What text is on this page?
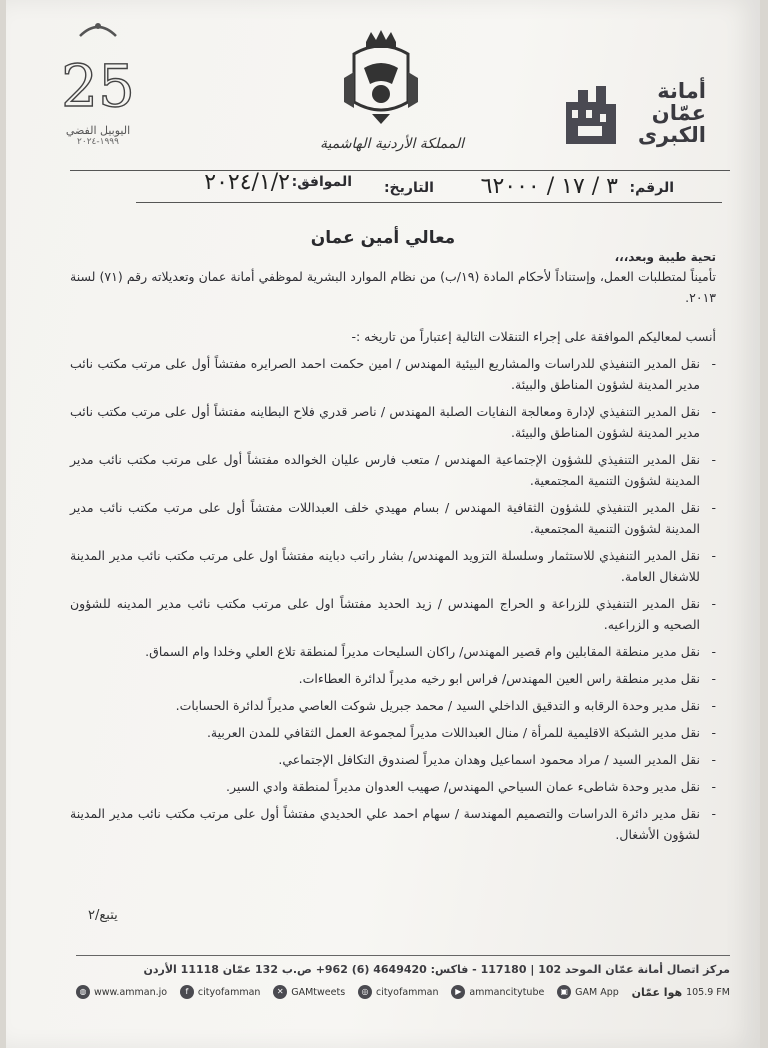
25
اليوبيل الفضي
١٩٩٩-٢٠٢٤	المملكة الأردنية الهاشمية
أمانة
عمّان
الكبرى
الرقم:
٣ / ١٧ / ٦٢٠٠٠
التاريخ:
الموافق:
٢٠٢٤/١/٢
معالي أمين عمان
تحية طيبة وبعد،،،

تأميناً لمتطلبات العمل، وإستناداً لأحكام المادة (١٩/ب) من نظام الموارد البشرية لموظفي أمانة عمان وتعديلاته رقم (٧١) لسنة ٢٠١٣.

أنسب لمعاليكم الموافقة على إجراء التنقلات التالية إعتباراً من تاريخه :-

- نقل المدير التنفيذي للدراسات والمشاريع البيئية المهندس / امين حكمت احمد الصرايره مفتشاً أول على مرتب مكتب نائب مدير المدينة لشؤون المناطق والبيئة.
- نقل المدير التنفيذي لإدارة ومعالجة النفايات الصلبة المهندس / ناصر قدري فلاح البطاينه مفتشاً أول على مرتب مكتب نائب مدير المدينة لشؤون المناطق والبيئة.
- نقل المدير التنفيذي للشؤون الإجتماعية المهندس / متعب فارس عليان الخوالده مفتشاً أول على مرتب مكتب نائب مدير المدينة لشؤون التنمية المجتمعية.
- نقل المدير التنفيذي للشؤون الثقافية المهندس / بسام مهيدي خلف العبداللات مفتشاً أول على مرتب مكتب نائب مدير المدينة لشؤون التنمية المجتمعية.
- نقل المدير التنفيذي للاستثمار وسلسلة التزويد المهندس/ بشار راتب دباينه مفتشاً اول على مرتب مكتب نائب مدير المدينة للاشغال العامة.
- نقل المدير التنفيذي للزراعة و الحراج المهندس / زيد الحديد مفتشاً اول على مرتب مكتب نائب مدير المدينه للشؤون الصحيه و الزراعيه.
- نقل مدير منطقة المقابلين وام قصير المهندس/ راكان السليحات مديراً لمنطقة تلاع العلي وخلدا وام السماق.
- نقل مدير منطقة راس العين المهندس/ فراس ابو رخيه مديراً لدائرة العطاءات.
- نقل مدير وحدة الرقابه و التدقيق الداخلي السيد / محمد جبريل شوكت العاصي مديراً لدائرة الحسابات.
- نقل مدير الشبكة الاقليمية للمرأة / منال العبداللات مديراً لمجموعة العمل الثقافي للمدن العربية.
- نقل المدير السيد / مراد محمود اسماعيل وهدان مديراً لصندوق التكافل الإجتماعي.
- نقل مدير وحدة شاطىء عمان السياحي المهندس/ صهيب العدوان مديراً لمنطقة وادي السير.
- نقل مدير دائرة الدراسات والتصميم المهندسة / سهام احمد علي الحديدي مفتشاً أول على مرتب مكتب نائب مدير المدينة لشؤون الأشغال.
يتبع/٢
مركز اتصال أمانة عمّان الموحد 102 | 117180 - فاكس: 4649420 (6) 962+ ص.ب 132 عمّان 11118 الأردن
هوا عمّان 105.9 FM
▣ GAM App
▶ ammancitytube
◎ cityofamman
✕ GAMtweets
f	cityofamman
◍ www.amman.jo
